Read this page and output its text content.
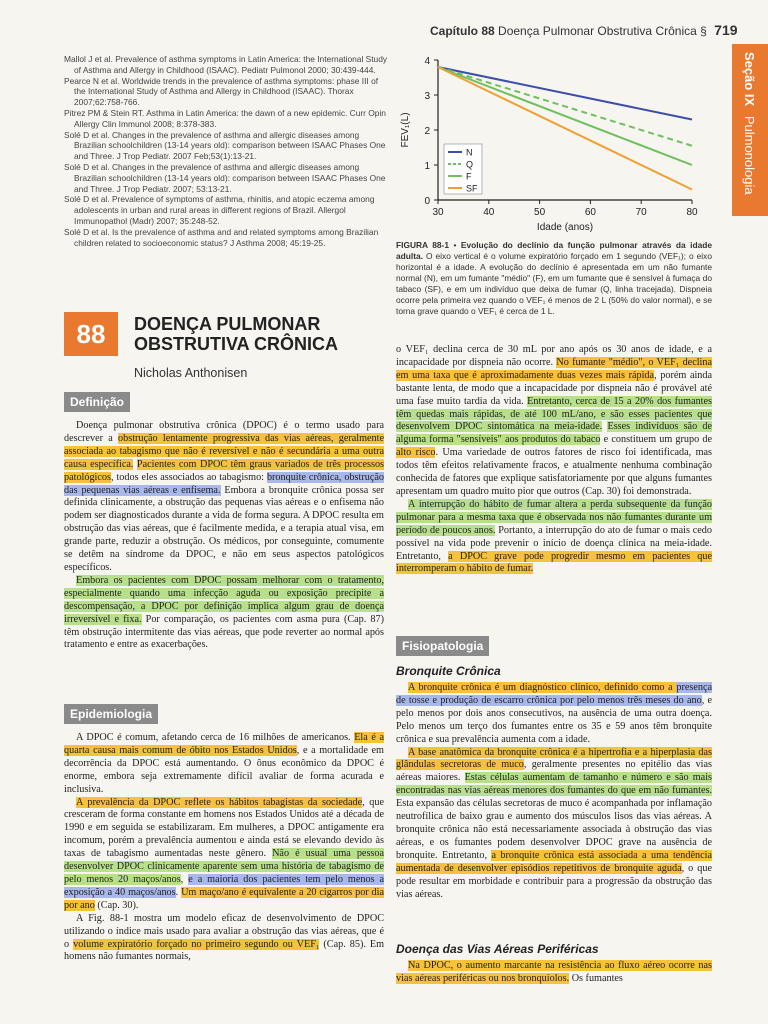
Capítulo 88 Doença Pulmonar Obstrutiva Crônica § 719
Seção IX Pulmonologia

Mallol J et al. Prevalence of asthma symptoms in Latin America: the International Study of Asthma and Allergy in Childhood (ISAAC). Pediatr Pulmonol 2000; 30:439-444.

Pearce N et al. Worldwide trends in the prevalence of asthma symptoms: phase III of the International Study of Asthma and Allergy in Childhood (ISAAC). Thorax 2007;62:758-766.

Pitrez PM & Stein RT. Asthma in Latin America: the dawn of a new epidemic. Curr Opin Allergy Clin Immunol 2008; 8:378-383.

Solé D et al. Changes in the prevalence of asthma and allergic diseases among Brazilian schoolchildren (13-14 years old): comparison between ISAAC Phases One and Three. J Trop Pediatr. 2007 Feb;53(1):13-21.

Solé D et al. Changes in the prevalence of asthma and allergic diseases among Brazilian schoolchildren (13-14 years old): comparison between ISAAC Phases One and Three. J Trop Pediatr. 2007; 53:13-21.

Solé D et al. Prevalence of symptoms of asthma, rhinitis, and atopic eczema among adolescents in urban and rural areas in different regions of Brazil. Allergol Immunopathol (Madr) 2007; 35:248-52.

Solé D et al. Is the prevalence of asthma and and related symptoms among Brazilian children related to socioeconomic status? J Asthma 2008; 45:19-25.

0
1
2
3
4
30	40	50	60	70	80
Idade (anos)
FEV₁(L)
N
Q
F
SF
FIGURA 88-1 • Evolução do declínio da função pulmonar através da idade adulta. O eixo vertical é o volume expiratório forçado em 1 segundo (VEF₁); o eixo horizontal é a idade. A evolução do declínio é apresentada em um não fumante normal (N), em um fumante "médio" (F), em um fumante que é sensível à fumaça do tabaco (SF), e em um indivíduo que deixa de fumar (Q, linha tracejada). Dispneia ocorre pela primeira vez quando o VEF₁ é menos de 2 L (50% do valor normal), e se torna grave quando o VEF₁ é cerca de 1 L.
88	DOENÇA PULMONAR
OBSTRUTIVA CRÔNICA
Nicholas Anthonisen
Definição

Doença pulmonar obstrutiva crônica (DPOC) é o termo usado para descrever a obstrução lentamente progressiva das vias aéreas, geralmente associada ao tabagismo que não é reversível e não é secundária a uma outra causa específica. Pacientes com DPOC têm graus variados de três processos patológicos, todos eles associados ao tabagismo: bronquite crônica, obstrução das pequenas vias aéreas e enfisema. Embora a bronquite crônica possa ser definida clinicamente, a obstrução das pequenas vias aéreas e o enfisema não podem ser diagnosticados durante a vida de forma segura. A DPOC resulta em obstrução das vias aéreas, que é facilmente medida, e a terapia atual visa, em grande parte, reduzir a obstrução. Os médicos, por conseguinte, comumente se detêm na síndrome da DPOC, e não em seus aspectos patológicos específicos.

Embora os pacientes com DPOC possam melhorar com o tratamento, especialmente quando uma infecção aguda ou exposição precipite a descompensação, a DPOC por definição implica algum grau de doença irreversível e fixa. Por comparação, os pacientes com asma pura (Cap. 87) têm obstrução intermitente das vias aéreas, que pode reverter ao normal após tratamento e entre as exacerbações.

Epidemiologia

A DPOC é comum, afetando cerca de 16 milhões de americanos. Ela é a quarta causa mais comum de óbito nos Estados Unidos, e a mortalidade em decorrência da DPOC está aumentando. O ônus econômico da DPOC é enorme, embora seja extremamente difícil avaliar de forma acurada e inclusiva.

A prevalência da DPOC reflete os hábitos tabagistas da sociedade, que cresceram de forma constante em homens nos Estados Unidos até a década de 1990 e em seguida se estabilizaram. Em mulheres, a DPOC antigamente era incomum, porém a prevalência aumentou e ainda está se elevando devido às taxas de tabagismo aumentadas neste gênero. Não é usual uma pessoa desenvolver DPOC clinicamente aparente sem uma história de tabagismo de pelo menos 20 maços/anos, e a maioria dos pacientes tem pelo menos a exposição a 40 maços/anos. Um maço/ano é equivalente a 20 cigarros por dia por ano (Cap. 30).

A Fig. 88-1 mostra um modelo eficaz de desenvolvimento de DPOC utilizando o índice mais usado para avaliar a obstrução das vias aéreas, que é o volume expiratório forçado no primeiro segundo ou VEF₁ (Cap. 85). Em homens não fumantes normais,

o VEF₁ declina cerca de 30 mL por ano após os 30 anos de idade, e a incapacidade por dispneia não ocorre. No fumante "médio", o VEF₁ declina em uma taxa que é aproximadamente duas vezes mais rápida, porém ainda bastante lenta, de modo que a incapacidade por dispneia não é provável até uma fase muito tardia da vida. Entretanto, cerca de 15 a 20% dos fumantes têm quedas mais rápidas, de até 100 mL/ano, e são esses pacientes que desenvolvem DPOC sintomática na meia-idade. Esses indivíduos são de alguma forma "sensíveis" aos produtos do tabaco e constituem um grupo de alto risco. Uma variedade de outros fatores de risco foi identificada, mas todos têm efeitos relativamente fracos, e atualmente nenhuma combinação conhecida de fatores que explique satisfatoriamente por que alguns fumantes apresentam um quadro muito pior que outros (Cap. 30) foi demonstrada.

A interrupção do hábito de fumar altera a perda subsequente da função pulmonar para a mesma taxa que é observada nos não fumantes durante um período de poucos anos. Portanto, a interrupção do ato de fumar o mais cedo possível na vida pode prevenir o início de doença clínica na meia-idade. Entretanto, a DPOC grave pode progredir mesmo em pacientes que interromperam o hábito de fumar.

Fisiopatologia
Bronquite Crônica

A bronquite crônica é um diagnóstico clínico, definido como a presença de tosse e produção de escarro crônica por pelo menos três meses do ano, e pelo menos por dois anos consecutivos, na ausência de uma outra doença. Pelo menos um terço dos fumantes entre os 35 e 59 anos têm bronquite crônica e sua prevalência aumenta com a idade.

A base anatômica da bronquite crônica é a hipertrofia e a hiperplasia das glândulas secretoras de muco, geralmente presentes no epitélio das vias aéreas maiores. Estas células aumentam de tamanho e número e são mais encontradas nas vias aéreas menores dos fumantes do que em não fumantes. Esta expansão das células secretoras de muco é acompanhada por inflamação neutrofílica de baixo grau e aumento dos músculos lisos das vias aéreas. A bronquite crônica não está necessariamente associada à obstrução das vias aéreas, e os fumantes podem desenvolver DPOC grave na ausência de bronquite. Entretanto, a bronquite crônica está associada a uma tendência aumentada de desenvolver episódios repetitivos de bronquite aguda, o que pode resultar em morbidade e contribuir para a progressão da obstrução das vias aéreas.

Doença das Vias Aéreas Periféricas

Na DPOC, o aumento marcante na resistência ao fluxo aéreo ocorre nas vias aéreas periféricas ou nos bronquíolos. Os fumantes
